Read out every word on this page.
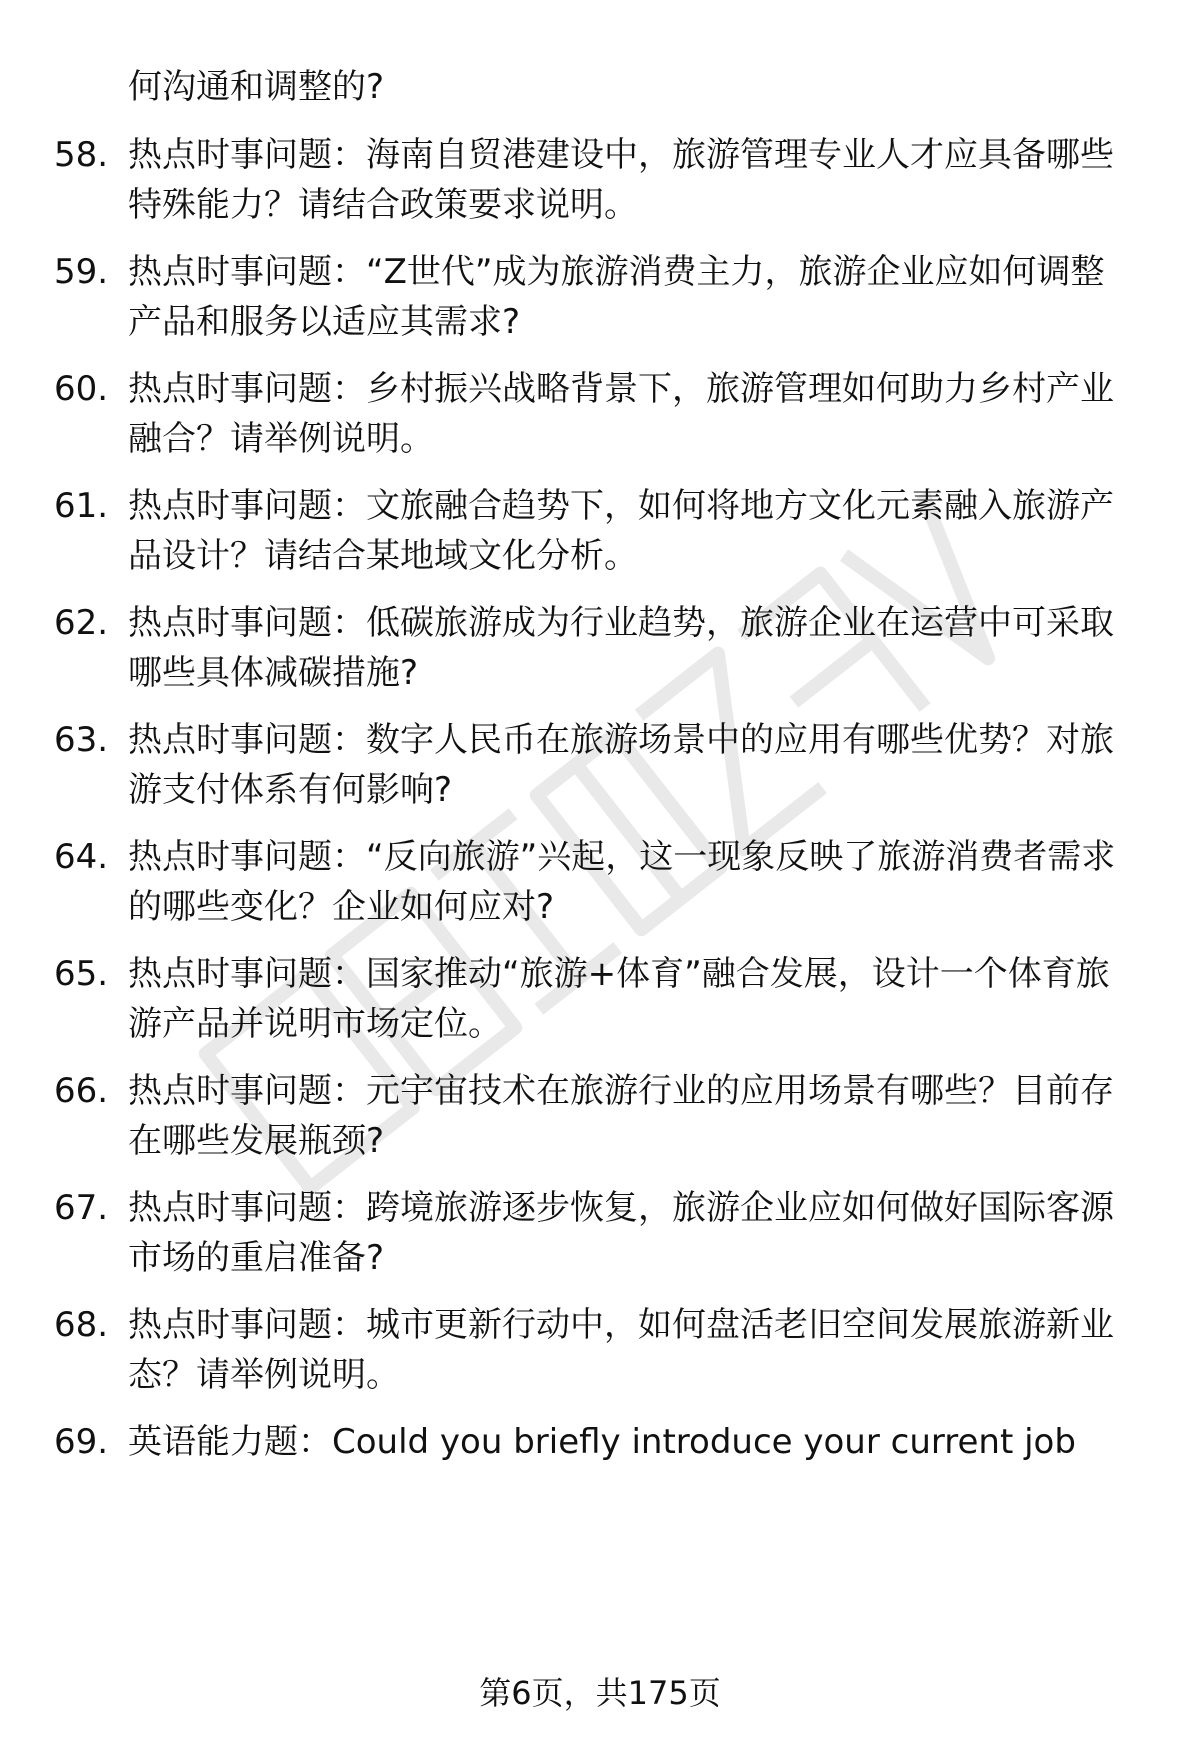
何沟通和调整的?
58. 热点时事问题：海南自贸港建设中，旅游管理专业人才应具备哪些特殊能力？请结合政策要求说明。
59. 热点时事问题：“Z世代”成为旅游消费主力，旅游企业应如何调整产品和服务以适应其需求?
60. 热点时事问题：乡村振兴战略背景下，旅游管理如何助力乡村产业融合？请举例说明。
61. 热点时事问题：文旅融合趋势下，如何将地方文化元素融入旅游产品设计？请结合某地域文化分析。
62. 热点时事问题：低碳旅游成为行业趋势，旅游企业在运营中可采取哪些具体减碳措施?
63. 热点时事问题：数字人民币在旅游场景中的应用有哪些优势？对旅游支付体系有何影响?
64. 热点时事问题：“反向旅游”兴起，这一现象反映了旅游消费者需求的哪些变化？企业如何应对?
65. 热点时事问题：国家推动“旅游+体育”融合发展，设计一个体育旅游产品并说明市场定位。
66. 热点时事问题：元宇宙技术在旅游行业的应用场景有哪些？目前存在哪些发展瓶颈?
67. 热点时事问题：跨境旅游逐步恢复，旅游企业应如何做好国际客源市场的重启准备?
68. 热点时事问题：城市更新行动中，如何盘活老旧空间发展旅游新业态？请举例说明。
69. 英语能力题：Could you briefly introduce your current job
第6页，共175页
